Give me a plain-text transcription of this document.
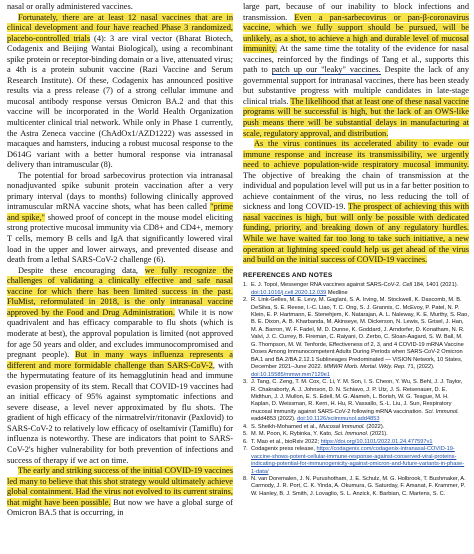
nasal or orally administered vaccines.

Fortunately, there are at least 12 nasal vaccines that are in clinical development and four have reached Phase 3 randomized, placebo-controlled trials (4): 3 are viral vector (Bharat Biotech, Codagenix and Beijing Wantai Biological), using a recombinant spike protein or receptor-binding domain or a live, attenuated virus; a 4th is a protein subunit vaccine (Razi Vaccine and Serum Research Institute). Of these, Codagenix has announced positive results via a press release (7) of a strong cellular immune and mucosal antibody response versus Omicron BA.2 and that this vaccine will be incorporated in the World Health Organization multicenter clinical trial network. While only in Phase 1 currently, the Astra Zeneca vaccine (ChAdOx1/AZD1222) was assessed in macaques and hamsters, inducing a robust mucosal response to the D614G variant with a better humoral response via intranasal delivery than intramuscular (8).

The potential for broad sarbecovirus protection via intranasal nonadjuvanted spike subunit protein vaccination after a very primary interval (days to months) following clinically approved intramuscular mRNA vaccine shots, what has been called "prime and spike," showed proof of concept in the mouse model eliciting strong protective mucosal immunity via CD8+ and CD4+, memory T cells, memory B cells and IgA that significantly lowered viral load in the upper and lower airways, and prevented disease and death from a lethal SARS-CoV-2 challenge (6).

Despite these encouraging data, we fully recognize the challenges of validating a clinically effective and safe nasal vaccine for which there has been limited success in the past. FluMist, reformulated in 2018, is the only intranasal vaccine approved by the Food and Drug Administration. While it is now quadrivalent and has efficacy comparable to flu shots (which is moderate at best), the approval population is limited (not approved for age 50 years and older, and excludes immunocompromised and pregnant people). But in many ways influenza represents a different and more formidable challenge than SARS-CoV-2, with the hypermutating feature of its hemagglutinin head and immune evasion propensity of its stem. Recall that COVID-19 vaccines had an initial efficacy of 95% against symptomatic infections and severe disease, a level never approximated by flu shots. The gradient of high efficacy of the nirmatrelvir/ritonavir (Paxlovid) to SARS-CoV-2 to relatively low efficacy of oseltamivir (Tamiflu) for influenza is noteworthy. These are indicators that point to SARS-CoV-2's higher vulnerability for both prevention of infections and success of therapy if we act on time.

The early and striking success of the initial COVID-19 vaccines led many to believe that this shot strategy would ultimately achieve global containment. Had the virus not evolved to its current strains, that might have been possible. But now we have a global surge of Omicron BA.5 that is occurring, in

large part, because of our inability to block infections and transmission. Even a pan-sarbecovirus or pan-β-coronavirus vaccine, which we fully support should be pursued, will be unlikely, as a shot, to achieve a high and durable level of mucosal immunity. At the same time the totality of the evidence for nasal vaccines, reinforced by the findings of Tang et al., supports this path to patch up our "leaky" vaccines. Despite the lack of any governmental support for intranasal vaccines, there has been steady but substantive progress with multiple candidates in late-stage clinical trials. The likelihood that at least one of these nasal vaccine programs will be successful is high, but the lack of an OWS-like push means there will be substantial delays in manufacturing at scale, regulatory approval, and distribution.

As the virus continues its accelerated ability to evade our immune response and increase its transmissibility, we urgently need to achieve population-wide respiratory mucosal immunity. The objective of breaking the chain of transmission at the individual and population level will put us in a far better position to achieve containment of the virus, no less reducing the toll of sickness and long COVID-19. The prospect of achieving this with nasal vaccines is high, but will only be possible with dedicated funding, priority, and breaking down of any regulatory hurdles. While we have waited far too long to take such initiative, a new operation at lightning speed could help us get ahead of the virus and build on the initial success of COVID-19 vaccines.

REFERENCES AND NOTES
1. E. J. Topol, Messenger RNA vaccines against SARS-CoV-2. Cell 184, 1401 (2021). doi:10.1016/j.cell.2020.12.039 Medline
2. R. Link-Gelles, M. E. Levy, M. Gaglani, S. A. Irving, M. Stockwell, K. Dascomb, M. B. DeSilva, S. E. Reese, I.-C. Liao, T. C. Ong, S. J. Grannis, C. McEvoy, P. Patel, N. P. Klein, E. P. Hartmann, E. Stenehjem, K. Natarajan, A. L. Naleway, K. E. Murthy, S. Rao, B. E. Dixon, A. B. Kharbanda, M. Akinseye, M. Dickerson, N. Lewis, S. Grisel, J. Han, M. A. Barron, W. F. Fadel, M. D. Dunne, K. Goddard, J. Arndorfer, D. Konatham, N. R. Valvi, J. C. Currey, B. Fireman, C. Raiyani, O. Zerbo, C. Sloan-Aagard, S. W. Ball, M. G. Thompson, M. W. Tenforde, Effectiveness of 2, 3, and 4 COVID-19 mRNA Vaccine Doses Among Immunocompetent Adults During Periods when SARS-CoV-2 Omicron BA.1 and BA.2/BA.2.12.1 Sublineages Predominated — VISION Network, 10 States, December 2021–June 2022. MMWR Morb. Mortal. Wkly. Rep. 71, (2022). doi:10.15585/mmwr.mm7129e1
3. J. Tang, C. Zeng, T. M. Cox, C. Li, Y. M. Son, I. S. Cheon, Y. Wu, S. Behl, J. J. Taylor, R. Chakraborty, A. J. Johnson, D. N. Schiavo, J. P. Utz, J. S. Reisenauer, D. E. Midthun, J. J. Mullon, E. S. Edell, M. G. Alameh, L. Borish, W. G. Teague, M. H. Kaplan, D. Weissman, R. Kern, H. Hu, R. Vassallo, S.-L. Liu, J. Sun, Respiratory mucosal immunity against SARS-CoV-2 following mRNA vaccination. Sci. Immunol. eadd4853 (2022). doi:10.1126/sciimmunol.add4853
4. S. Sheikh-Mohamed et al., Mucosal Immunol. (2022).
5. M. M. Poon, K. Rybinka, Y. Kato, Sci. Immunol. (2021).
6. T. Mao et al., bioRxiv 2022; https://doi.org/10.1101/2022.01.24.477597v1
7. Codagenix press release, https://codagenix.com/codagenix-intranasal-COVID-19-vaccine-shows-potent-cellular-immune-response-against-conserved-viral-proteins-indicating-potential-for-immunogenicity-against-omicron-and-future-variants-in-phase-1-data/
8. N. van Doremalen, J. N. Purushotham, J. E. Schulz, M. G. Holbrook, T. Bushmaker, A. Carmody, J. R. Port, C. K. Yinda, A. Okumura, G. Saturday, F. Amanat, F. Krammer, P. W. Hanley, B. J. Smith, J. Lovaglio, S. L. Anzick, K. Barbian, C. Martens, S. C.
